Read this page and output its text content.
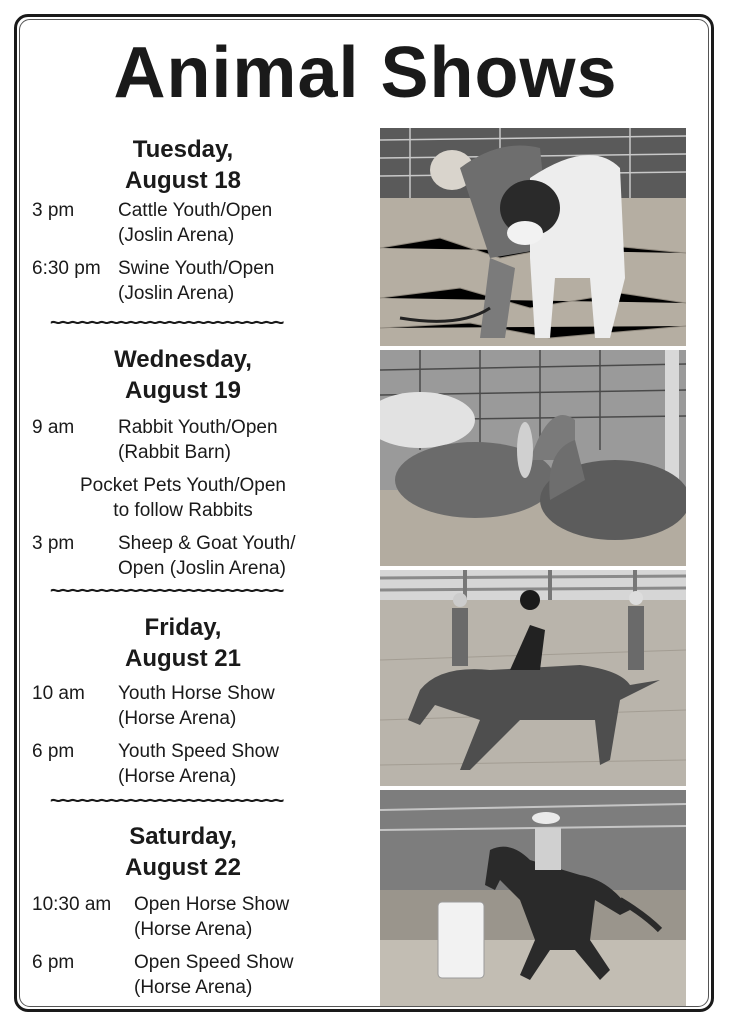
Animal Shows
Tuesday,
August 18
3 pm Cattle Youth/Open
(Joslin Arena)
6:30 pm Swine Youth/Open
(Joslin Arena)
~~~~~~~~~~~~~~~~~~~~~~~~
Wednesday,
August 19
9 am Rabbit Youth/Open
(Rabbit Barn)
Pocket Pets Youth/Open
to follow Rabbits
3 pm Sheep & Goat Youth/
Open (Joslin Arena)
~~~~~~~~~~~~~~~~~~~~~~~~
Friday,
August 21
10 am Youth Horse Show
(Horse Arena)
6 pm Youth Speed Show
(Horse Arena)
~~~~~~~~~~~~~~~~~~~~~~~~
Saturday,
August 22
10:30 am Open Horse Show
(Horse Arena)
6 pm	Open Speed Show
(Horse Arena)
